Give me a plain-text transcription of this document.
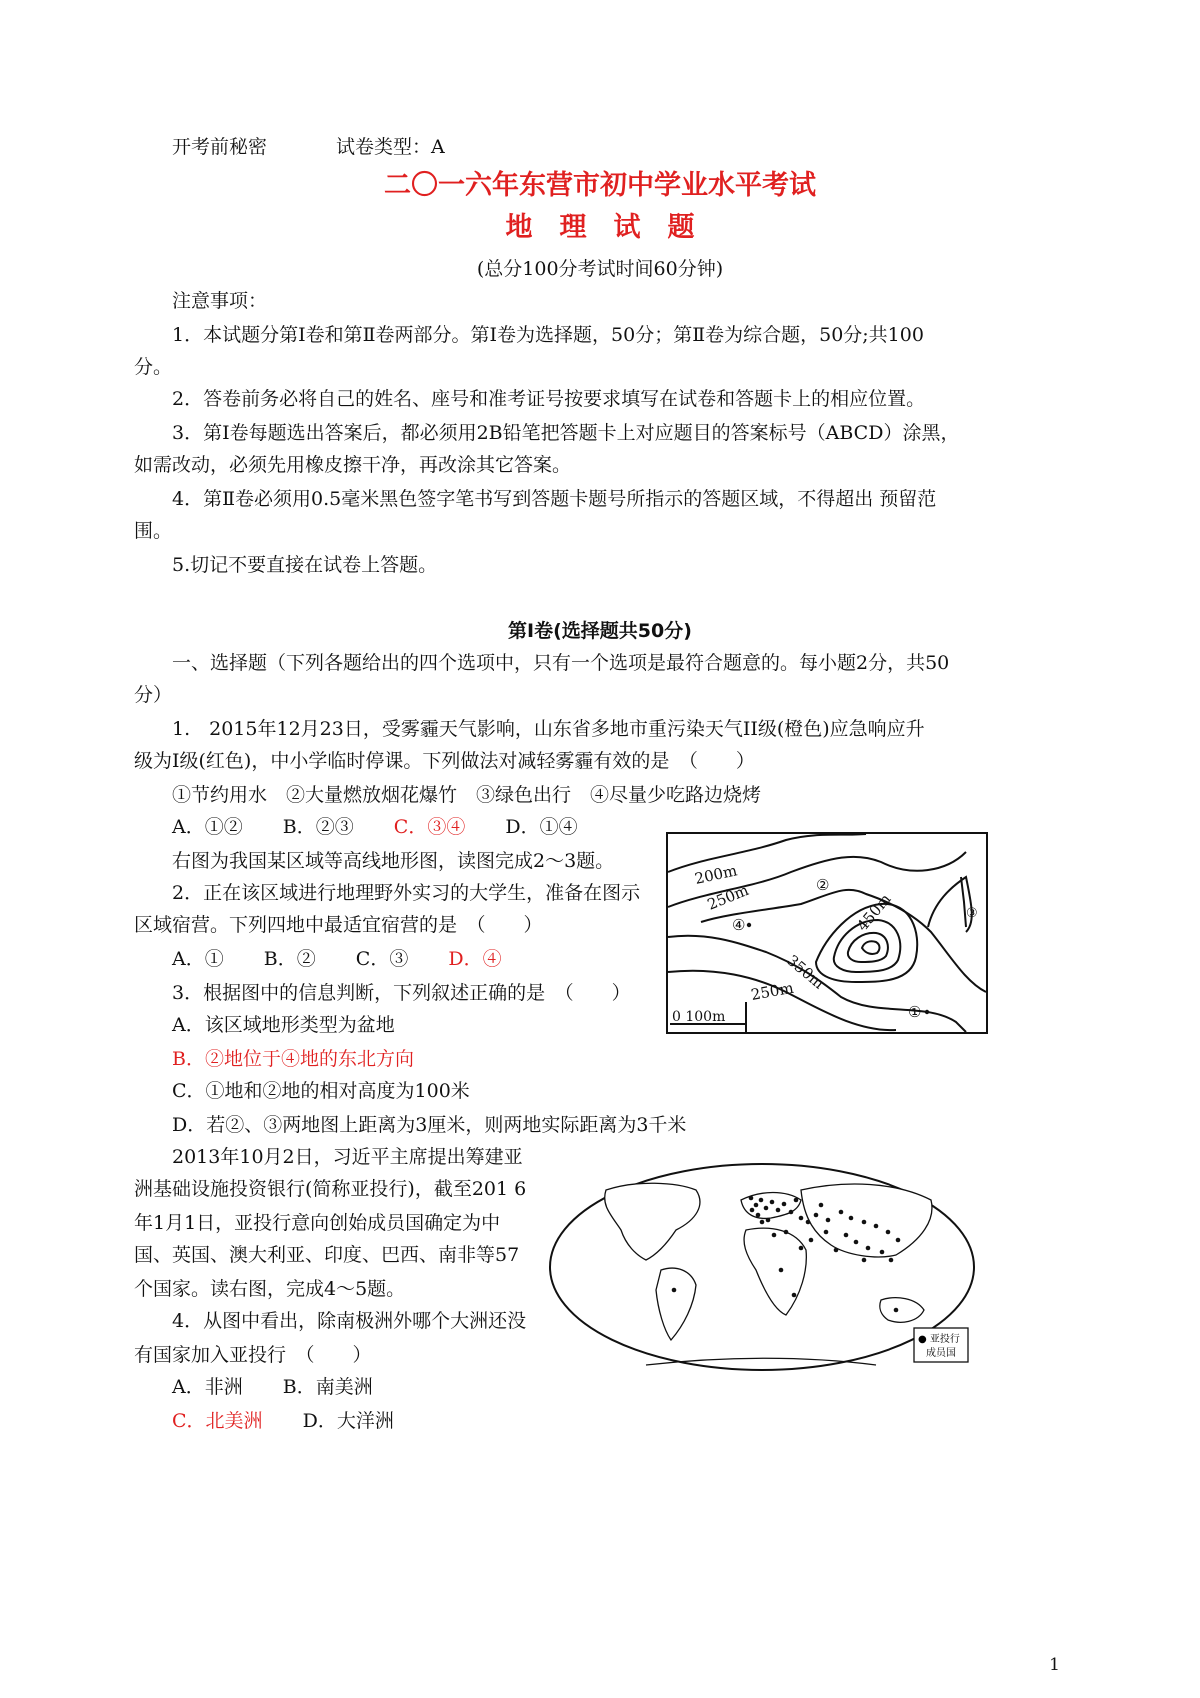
开考前秘密	试卷类型：A
二〇一六年东营市初中学业水平考试
地　理　试　题
(总分100分考试时间60分钟)
注意事项：
1．本试题分第Ⅰ卷和第Ⅱ卷两部分。第Ⅰ卷为选择题，50分；第Ⅱ卷为综合题，50分;共100
分。
2．答卷前务必将自己的姓名、座号和准考证号按要求填写在试卷和答题卡上的相应位置。
3．第Ⅰ卷每题选出答案后，都必须用2B铅笔把答题卡上对应题目的答案标号（ABCD）涂黑，
如需改动，必须先用橡皮擦干净，再改涂其它答案。
4．第Ⅱ卷必须用0.5毫米黑色签字笔书写到答题卡题号所指示的答题区域，不得超出 预留范
围。
5.切记不要直接在试卷上答题。
第Ⅰ卷(选择题共50分)
一、选择题（下列各题给出的四个选项中，只有一个选项是最符合题意的。每小题2分，共50
分）
1.　2015年12月23日，受雾霾天气影响，山东省多地市重污染天气II级(橙色)应急响应升
级为I级(红色)，中小学临时停课。下列做法对减轻雾霾有效的是　（　　）
①节约用水　②大量燃放烟花爆竹　③绿色出行　④尽量少吃路边烧烤
A．①② B．②③ C．③④ D．①④
右图为我国某区域等高线地形图，读图完成2～3题。
2．正在该区域进行地理野外实习的大学生，准备在图示
区域宿营。下列四地中最适宜宿营的是　（　　）
A．① B．② C．③ D．④
200m
250m	450m
350m
250m
②
④
③
①
0 100m
3．根据图中的信息判断，下列叙述正确的是　（　　）
A．该区域地形类型为盆地
B．②地位于④地的东北方向
C．①地和②地的相对高度为100米
D．若②、③两地图上距离为3厘米，则两地实际距离为3千米
2013年10月2日，习近平主席提出筹建亚
洲基础设施投资银行(简称亚投行)，截至201 6
年1月1日，亚投行意向创始成员国确定为中
国、英国、澳大利亚、印度、巴西、南非等57
个国家。读右图，完成4～5题。
● 亚投行
成员国
4．从图中看出，除南极洲外哪个大洲还没
有国家加入亚投行　（　　）
A．非洲 B．南美洲
C．北美洲 D．大洋洲
1
